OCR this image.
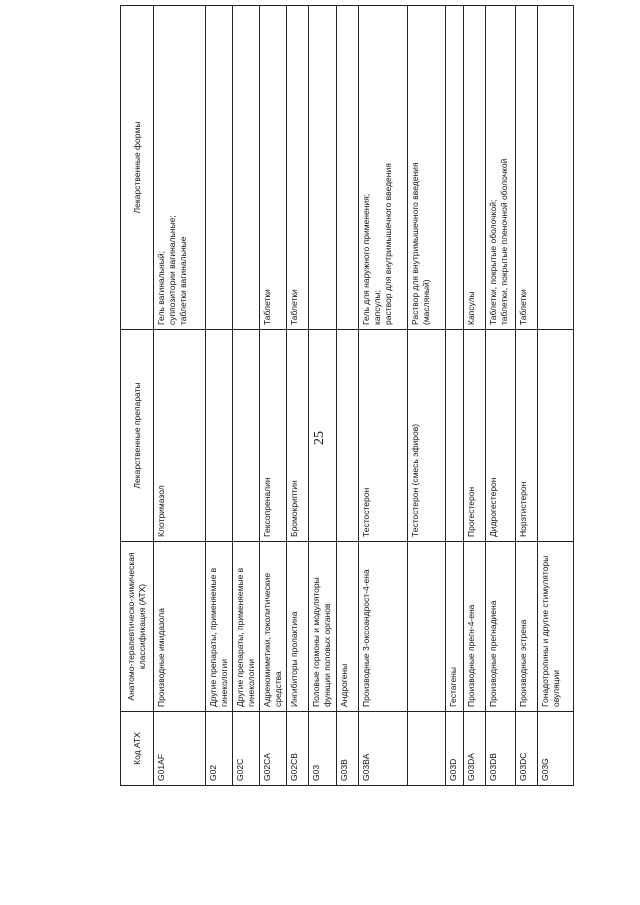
25
Код АТХ	Анатомо-терапевтическо-химическая классификация (АТХ)	Лекарственные препараты	Лекарственные формы
G01AF	Производные имидазола	Клотримазол	Гель вагинальный; суппозитории вагинальные; таблетки вагинальные

G02	Другие препараты, применяемые в гинекологии		
G02C	Другие препараты, применяемые в гинекологии		
G02CA	Адреномиметики, токолитические средства	Гексопреналин	Таблетки

G02CB	Ингибиторы пролактина	Бромокриптин	Таблетки

G03	Половые гормоны и модуляторы функции половых органов		
G03B	Андрогены		
G03BA	Производные 3-оксоандрост-4-ена	Тестостерон	Гель для наружного применения; капсулы; раствор для внутримышечного введения

		Тестостерон (смесь эфиров)	Раствор для внутримышечного введения (масляный)

G03D	Гестагены		
G03DA	Производные прегн-4-ена	Прогестерон	Капсулы

G03DB	Производные прегнадиена	Дидрогестерон	Таблетки, покрытые оболочкой; таблетки, покрытые пленочной оболочкой

G03DC	Производные эстрена	Норэтистерон	Таблетки

G03G	Гонадотропины и другие стимуляторы овуляции		
